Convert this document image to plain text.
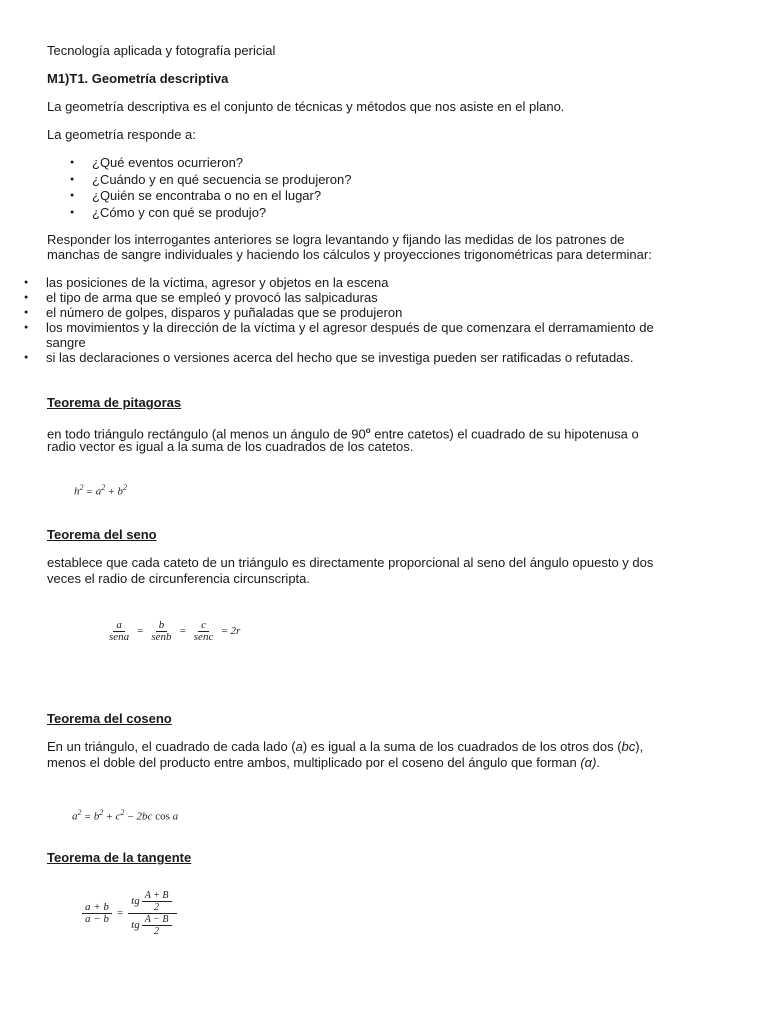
Tecnología aplicada y fotografía pericial

M1)T1. Geometría descriptiva

La geometría descriptiva es el conjunto de técnicas y métodos que nos asiste en el plano.

La geometría responde a:

● ¿Qué eventos ocurrieron?
● ¿Cuándo y en qué secuencia se produjeron?
● ¿Quién se encontraba o no en el lugar?
● ¿Cómo y con qué se produjo?

Responder los interrogantes anteriores se logra levantando y fijando las medidas de los patrones de

manchas de sangre individuales y haciendo los cálculos y proyecciones trigonométricas para determinar:

● las posiciones de la víctima, agresor y objetos en la escena
● el tipo de arma que se empleó y provocó las salpicaduras
● el número de golpes, disparos y puñaladas que se produjeron
● los movimientos y la dirección de la víctima y el agresor después de que comenzara el derramamiento de
sangre
● si las declaraciones o versiones acerca del hecho que se investiga pueden ser ratificadas o refutadas.

Teorema de pitagoras

en todo triángulo rectángulo (al menos un ángulo de 90$^o$ entre catetos) el cuadrado de su hipotenusa o

radio vector es igual a la suma de los cuadrados de los catetos.

$h^2 = a^2 + b^2$

Teorema del seno

establece que cada cateto de un triángulo es directamente proporcional al seno del ángulo opuesto y dos

veces el radio de circunferencia circunscripta.

$\frac{a}{\text{sena}} = \frac{b}{\text{senb}} = \frac{c}{\text{senc}} = 2r$

Teorema del coseno

En un triángulo, el cuadrado de cada lado (a) es igual a la suma de los cuadrados de los otros dos (bc),

menos el doble del producto entre ambos, multiplicado por el coseno del ángulo que forman (α).

$a^2 = b^2 + c^2 - 2bc$ cos a

Teorema de la tangente

$\frac{a + b}{a - b} = \frac{tg \frac{A + B}{2}}{tg \frac{A - B}{2}}$
